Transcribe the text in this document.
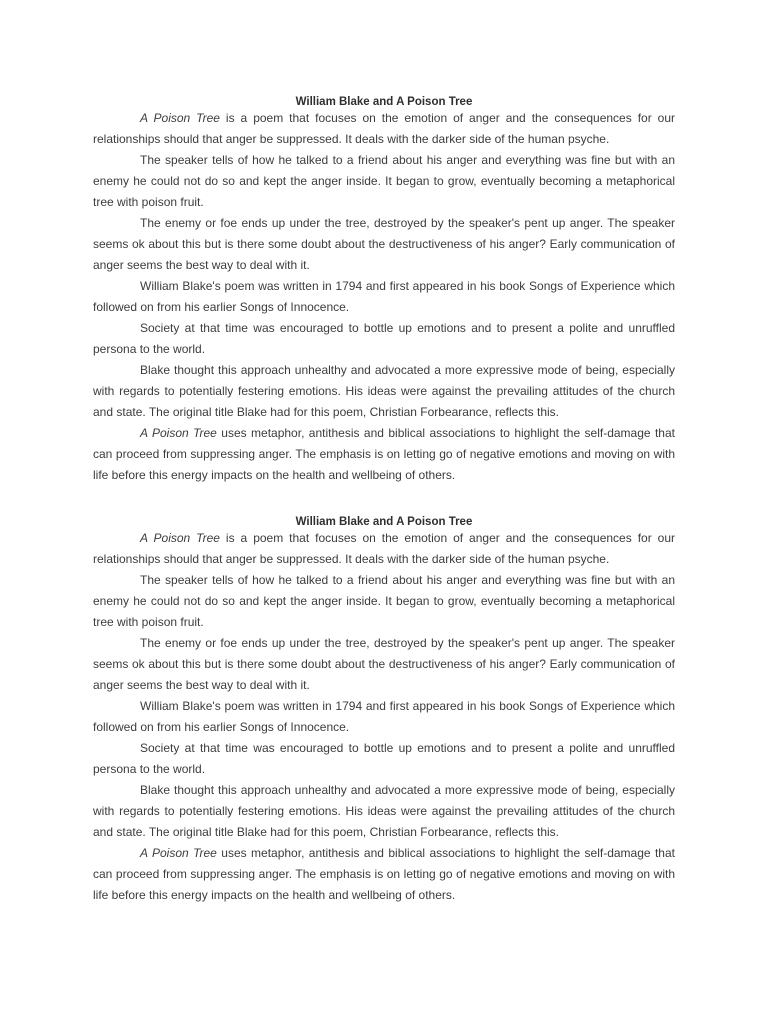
William Blake and A Poison Tree

A Poison Tree is a poem that focuses on the emotion of anger and the consequences for our relationships should that anger be suppressed. It deals with the darker side of the human psyche.

The speaker tells of how he talked to a friend about his anger and everything was fine but with an enemy he could not do so and kept the anger inside. It began to grow, eventually becoming a metaphorical tree with poison fruit.

The enemy or foe ends up under the tree, destroyed by the speaker's pent up anger. The speaker seems ok about this but is there some doubt about the destructiveness of his anger? Early communication of anger seems the best way to deal with it.

William Blake's poem was written in 1794 and first appeared in his book Songs of Experience which followed on from his earlier Songs of Innocence.

Society at that time was encouraged to bottle up emotions and to present a polite and unruffled persona to the world.

Blake thought this approach unhealthy and advocated a more expressive mode of being, especially with regards to potentially festering emotions. His ideas were against the prevailing attitudes of the church and state. The original title Blake had for this poem, Christian Forbearance, reflects this.

A Poison Tree uses metaphor, antithesis and biblical associations to highlight the self-damage that can proceed from suppressing anger. The emphasis is on letting go of negative emotions and moving on with life before this energy impacts on the health and wellbeing of others.

William Blake and A Poison Tree

A Poison Tree is a poem that focuses on the emotion of anger and the consequences for our relationships should that anger be suppressed. It deals with the darker side of the human psyche.

The speaker tells of how he talked to a friend about his anger and everything was fine but with an enemy he could not do so and kept the anger inside. It began to grow, eventually becoming a metaphorical tree with poison fruit.

The enemy or foe ends up under the tree, destroyed by the speaker's pent up anger. The speaker seems ok about this but is there some doubt about the destructiveness of his anger? Early communication of anger seems the best way to deal with it.

William Blake's poem was written in 1794 and first appeared in his book Songs of Experience which followed on from his earlier Songs of Innocence.

Society at that time was encouraged to bottle up emotions and to present a polite and unruffled persona to the world.

Blake thought this approach unhealthy and advocated a more expressive mode of being, especially with regards to potentially festering emotions. His ideas were against the prevailing attitudes of the church and state. The original title Blake had for this poem, Christian Forbearance, reflects this.

A Poison Tree uses metaphor, antithesis and biblical associations to highlight the self-damage that can proceed from suppressing anger. The emphasis is on letting go of negative emotions and moving on with life before this energy impacts on the health and wellbeing of others.
